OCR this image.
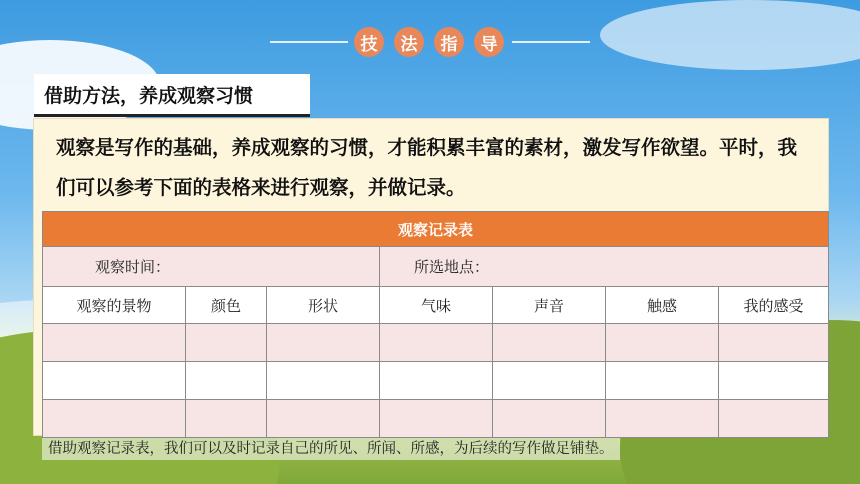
技	法	指	导
借助方法，养成观察习惯
观察是写作的基础，养成观察的习惯，才能积累丰富的素材，激发写作欲望。平时，我们可以参考下面的表格来进行观察，并做记录。
观察记录表						
观察时间：			所选地点：			
观察的景物	颜色	形状	气味	声音	触感	我的感受

借助观察记录表，我们可以及时记录自己的所见、所闻、所感，为后续的写作做足铺垫。
